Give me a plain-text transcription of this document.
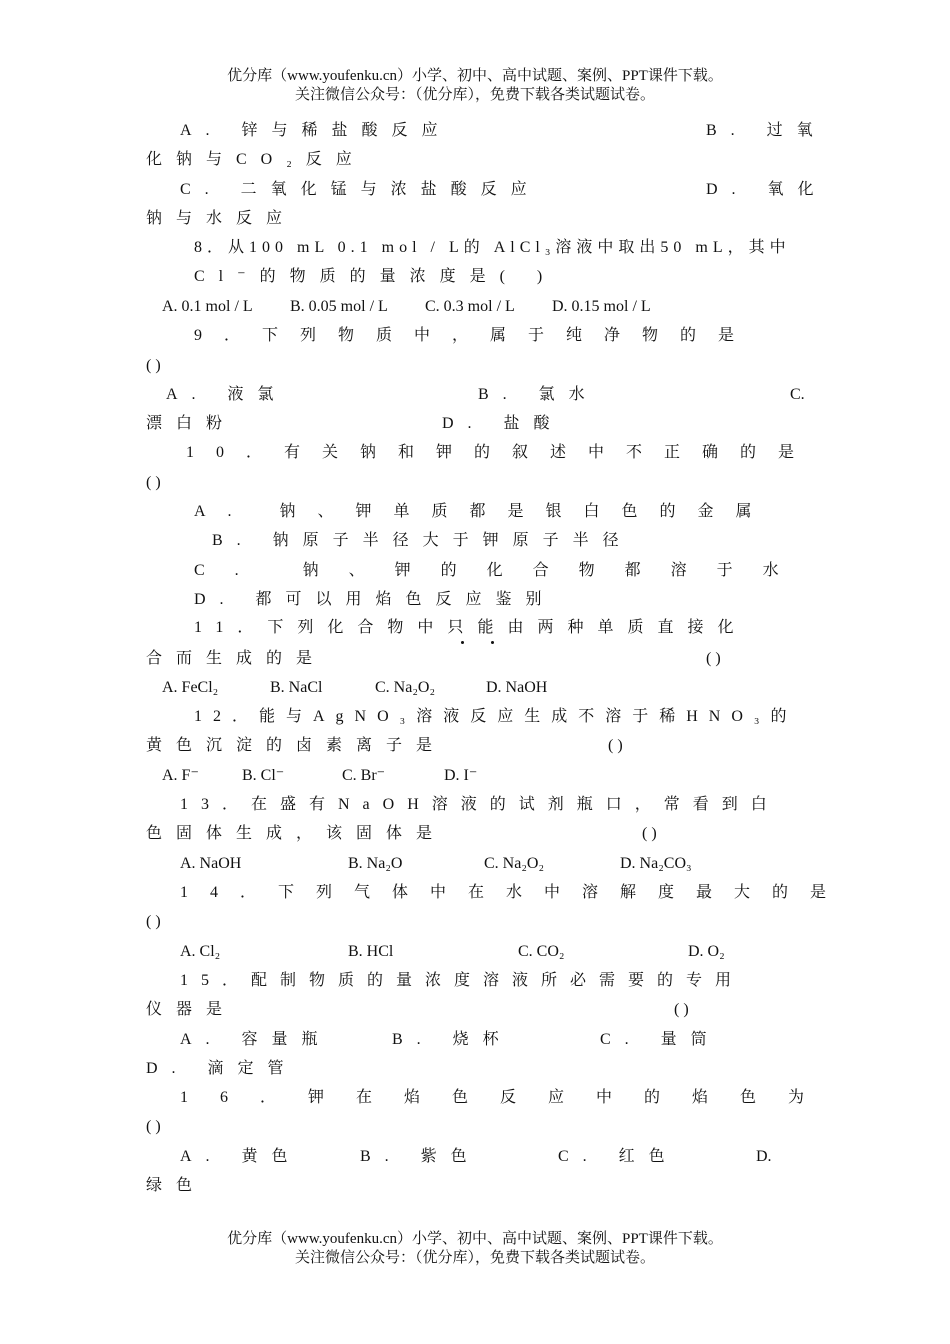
优分库（www.youfenku.cn）小学、初中、高中试题、案例、PPT课件下载。
关注微信公众号：（优分库），免费下载各类试题试卷。
A. 锌与稀盐酸反应	B. 过氧
化钠与CO₂反应
C. 二氧化锰与浓盐酸反应	D. 氧化
钠与水反应
8．从100 mL 0.1 mol / L的 AlCl₃溶液中取出50 mL，其中
Cl⁻的物质的量浓度是( )
A. 0.1 mol / L B. 0.05 mol / L C. 0.3 mol / L D. 0.15 mol / L
9．下列物质中，属于纯净物的是
( )
A. 液氯	B. 氯水	C.
漂白粉	D. 盐酸
10．有关钠和钾的叙述中不正确的是
( )
A. 钠、钾单质都是银白色的金属
B. 钠原子半径大于钾原子半径
C. 钠、钾的化合物都溶于水
D. 都可以用焰色反应鉴别
11．下列化合物中只能由两种单质直接化
合而生成的是	( )
A. FeCl₂	B. NaCl	C. Na₂O₂	D. NaOH
12．能与AgNO₃溶液反应生成不溶于稀HNO₃的
黄色沉淀的卤素离子是	( )
A. F⁻	B. Cl⁻	C. Br⁻	D. I⁻
13．在盛有NaOH溶液的试剂瓶口，常看到白
色固体生成，该固体是	( )
A. NaOH	B. Na₂O	C. Na₂O₂	D. Na₂CO₃
14．下列气体中在水中溶解度最大的是
( )
A. Cl₂	B. HCl	C. CO₂	D. O₂
15．配制物质的量浓度溶液所必需要的专用
仪器是	( )
A. 容量瓶	B. 烧杯	C. 量筒
D. 滴定管
16．钾在焰色反应中的焰色为
( )
A. 黄色	B. 紫色	C. 红色	D.
绿色
优分库（www.youfenku.cn）小学、初中、高中试题、案例、PPT课件下载。
关注微信公众号：（优分库），免费下载各类试题试卷。
